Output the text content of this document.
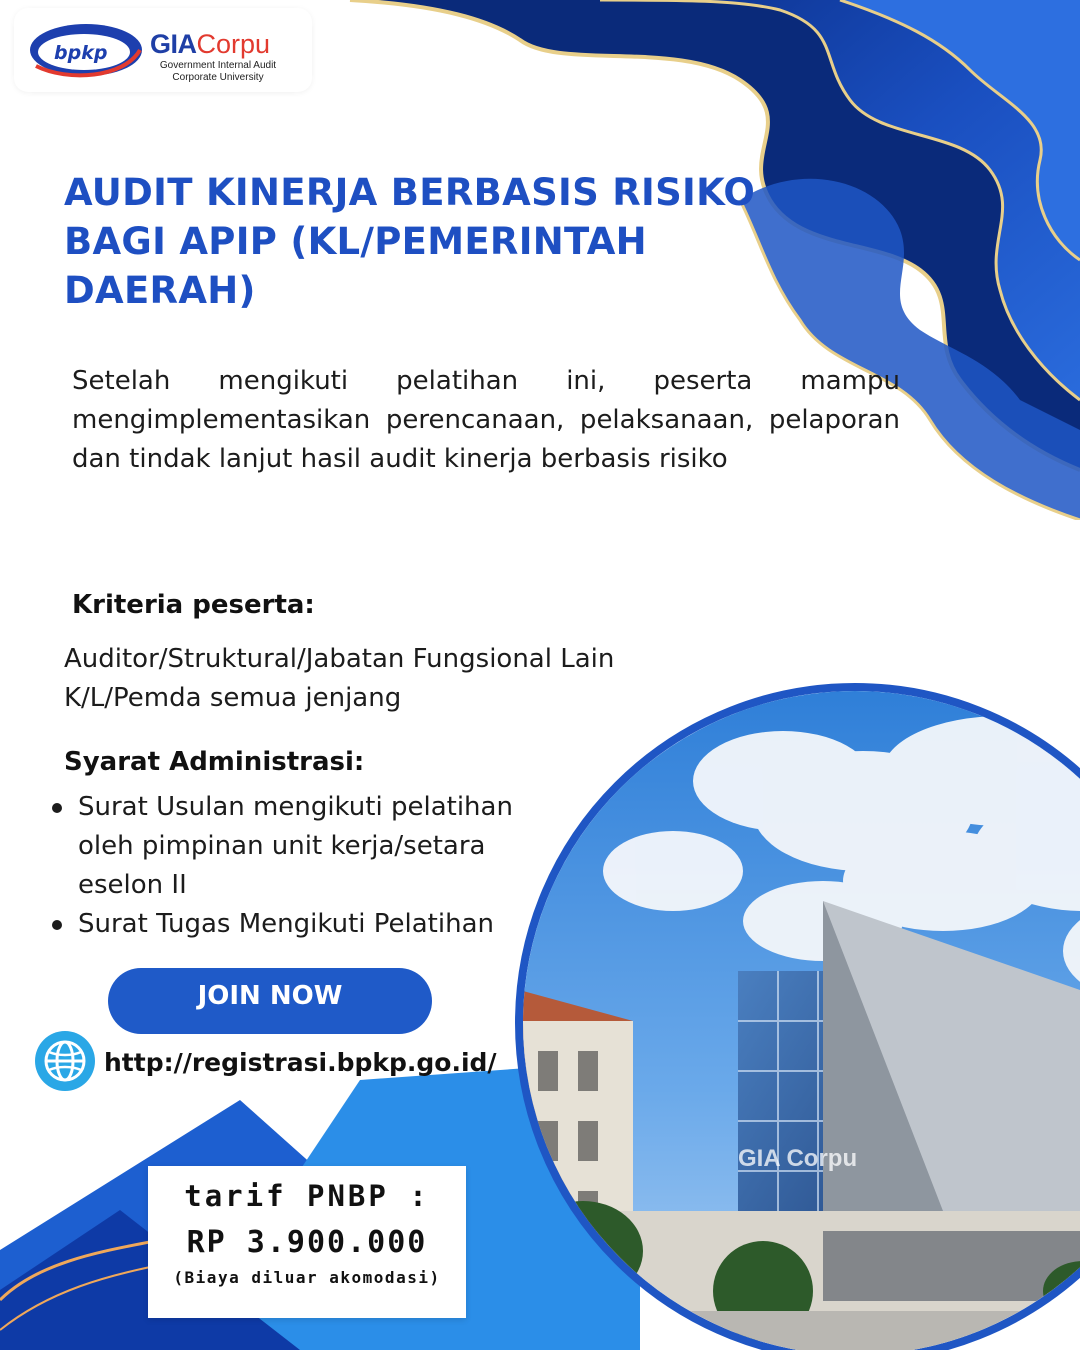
GIA Corpu
bpkp GIACorpu
Government Internal Audit
Corporate University
AUDIT KINERJA BERBASIS RISIKO
BAGI APIP (KL/PEMERINTAH
DAERAH)
Setelah mengikuti pelatihan ini, peserta mampu mengimplementasikan perencanaan, pelaksanaan, pelaporan dan tindak lanjut hasil audit kinerja berbasis risiko
Kriteria peserta:
Auditor/Struktural/Jabatan Fungsional Lain
K/L/Pemda semua jenjang
Syarat Administrasi:
Surat Usulan mengikuti pelatihan oleh pimpinan unit kerja/setara eselon II
Surat Tugas Mengikuti Pelatihan
JOIN NOW
http://registrasi.bpkp.go.id/
tarif PNBP :
RP 3.900.000
(Biaya diluar akomodasi)
